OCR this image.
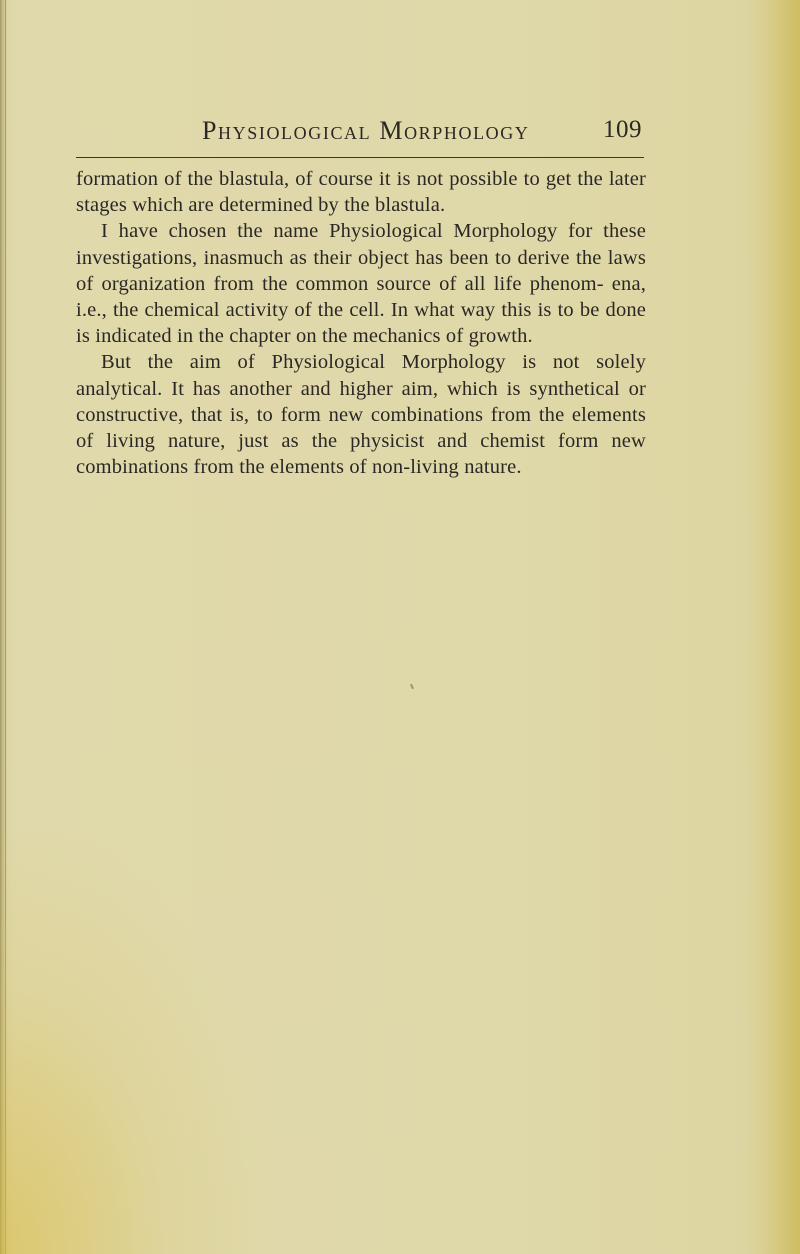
Physiological Morphology	109

formation of the blastula, of course it is not possible to get the later stages which are determined by the blastula.

I have chosen the name Physiological Morphology for these investigations, inasmuch as their object has been to derive the laws of organization from the common source of all life phenom- ena, i.e., the chemical activity of the cell. In what way this is to be done is indicated in the chapter on the mechanics of growth.

But the aim of Physiological Morphology is not solely analytical. It has another and higher aim, which is synthetical or constructive, that is, to form new combinations from the elements of living nature, just as the physicist and chemist form new combinations from the elements of non-living nature.
